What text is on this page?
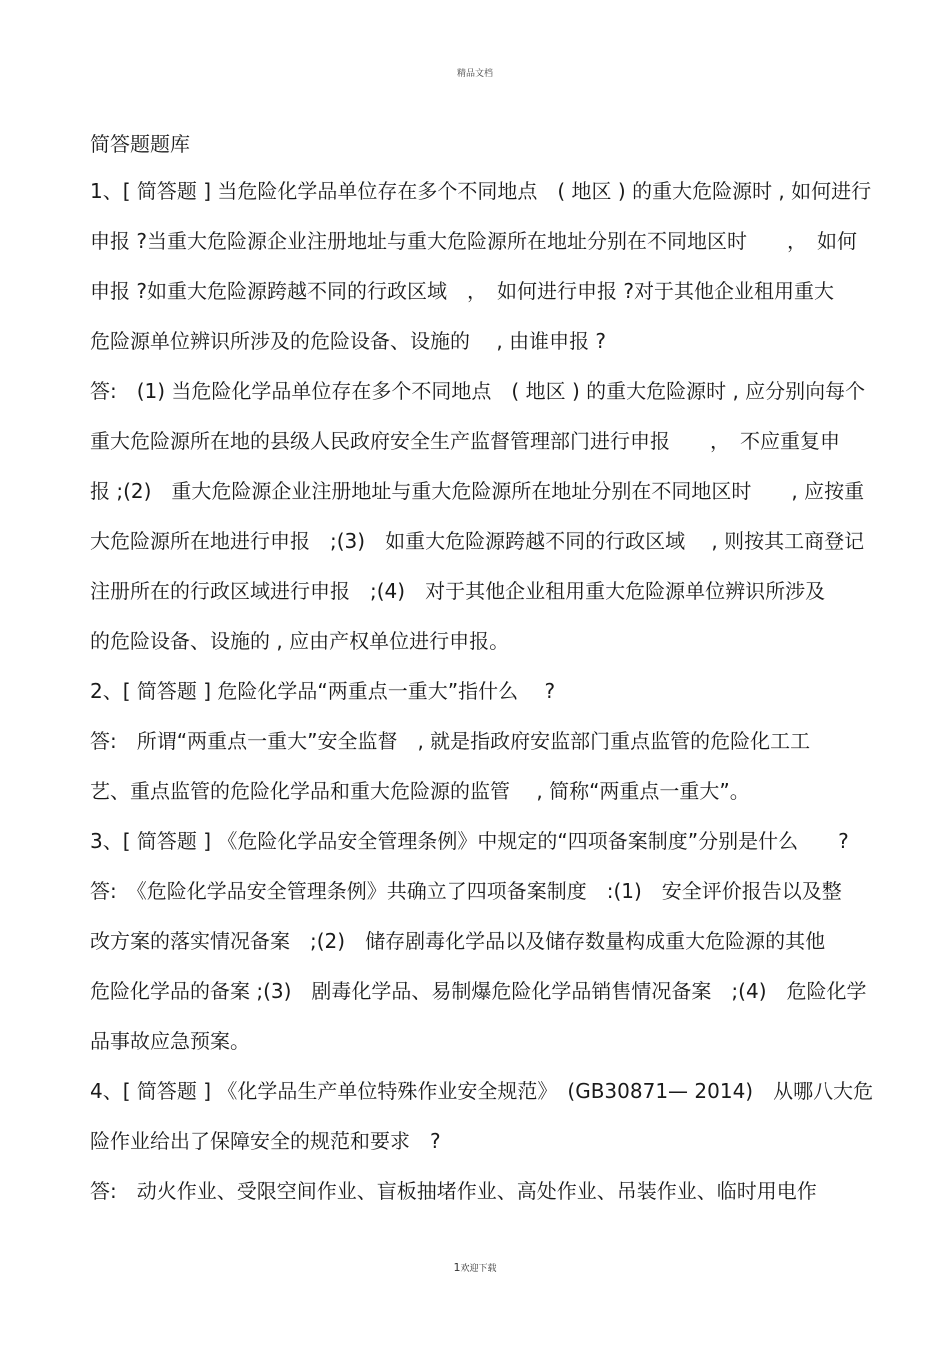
精品文档
简答题题库
1、[ 简答题 ] 当危险化学品单位存在多个不同地点　( 地区 ) 的重大危险源时 , 如何进行
申报 ?当重大危险源企业注册地址与重大危险源所在地址分别在不同地区时　　，　如何
申报 ?如重大危险源跨越不同的行政区域　，　如何进行申报 ?对于其他企业租用重大
危险源单位辨识所涉及的危险设备、设施的　 , 由谁申报 ?
答:　(1) 当危险化学品单位存在多个不同地点　( 地区 ) 的重大危险源时 , 应分别向每个
重大危险源所在地的县级人民政府安全生产监督管理部门进行申报　　，　不应重复申
报 ;(2)　重大危险源企业注册地址与重大危险源所在地址分别在不同地区时　　, 应按重
大危险源所在地进行申报　;(3)　如重大危险源跨越不同的行政区域　 , 则按其工商登记
注册所在的行政区域进行申报　;(4)　对于其他企业租用重大危险源单位辨识所涉及
的危险设备、设施的 , 应由产权单位进行申报。
2、[ 简答题 ] 危险化学品“两重点一重大”指什么　 ?
答:　所谓“两重点一重大”安全监督　, 就是指政府安监部门重点监管的危险化工工
艺、重点监管的危险化学品和重大危险源的监管　 , 简称“两重点一重大”。
3、[ 简答题 ] 《危险化学品安全管理条例》中规定的“四项备案制度”分别是什么　　?
答:　《危险化学品安全管理条例》共确立了四项备案制度　:(1)　安全评价报告以及整
改方案的落实情况备案　;(2)　储存剧毒化学品以及储存数量构成重大危险源的其他
危险化学品的备案 ;(3)　剧毒化学品、易制爆危险化学品销售情况备案　;(4)　危险化学
品事故应急预案。
4、[ 简答题 ] 《化学品生产单位特殊作业安全规范》　(GB30871— 2014)　从哪八大危
险作业给出了保障安全的规范和要求　?
答:　动火作业、受限空间作业、盲板抽堵作业、高处作业、吊装作业、临时用电作
1欢迎下载
